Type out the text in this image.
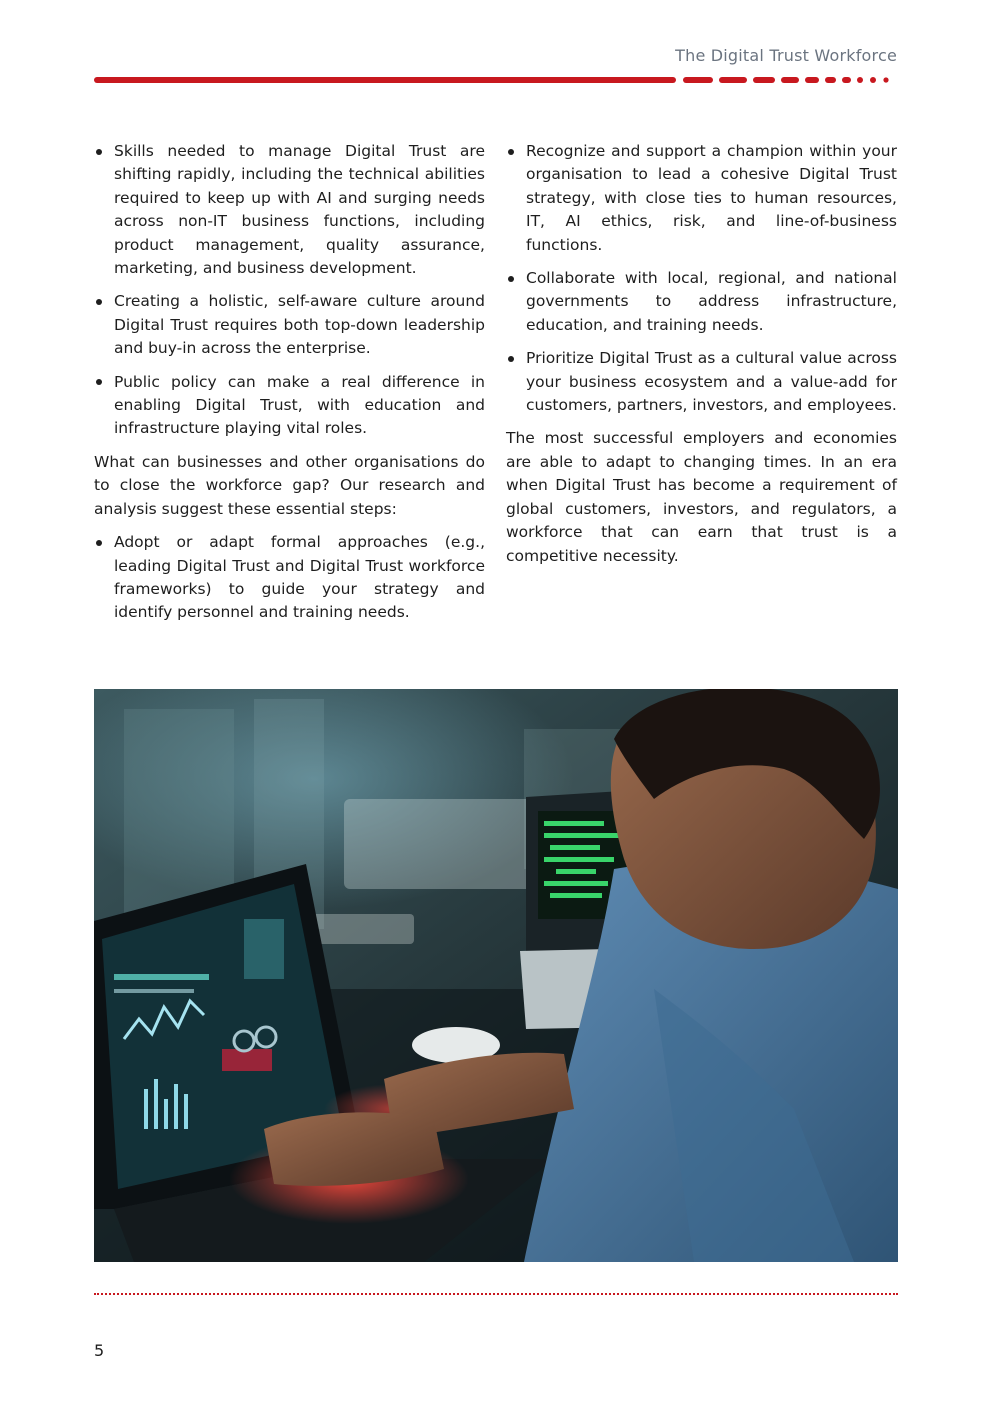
The Digital Trust Workforce
Skills needed to manage Digital Trust are shifting rapidly, including the technical abilities required to keep up with AI and surging needs across non-IT business functions, including product management, quality assurance, marketing, and business development.
Creating a holistic, self-aware culture around Digital Trust requires both top-down leadership and buy-in across the enterprise.
Public policy can make a real difference in enabling Digital Trust, with education and infrastructure playing vital roles.

What can businesses and other organisations do to close the workforce gap? Our research and analysis suggest these essential steps:

Adopt or adapt formal approaches (e.g., leading Digital Trust and Digital Trust workforce frameworks) to guide your strategy and identify personnel and training needs.
Recognize and support a champion within your organisation to lead a cohesive Digital Trust strategy, with close ties to human resources, IT, AI ethics, risk, and line-of-business functions.
Collaborate with local, regional, and national governments to address infrastructure, education, and training needs.
Prioritize Digital Trust as a cultural value across your business ecosystem and a value-add for customers, partners, investors, and employees.

The most successful employers and economies are able to adapt to changing times. In an era when Digital Trust has become a requirement of global customers, investors, and regulators, a workforce that can earn that trust is a competitive necessity.

5
